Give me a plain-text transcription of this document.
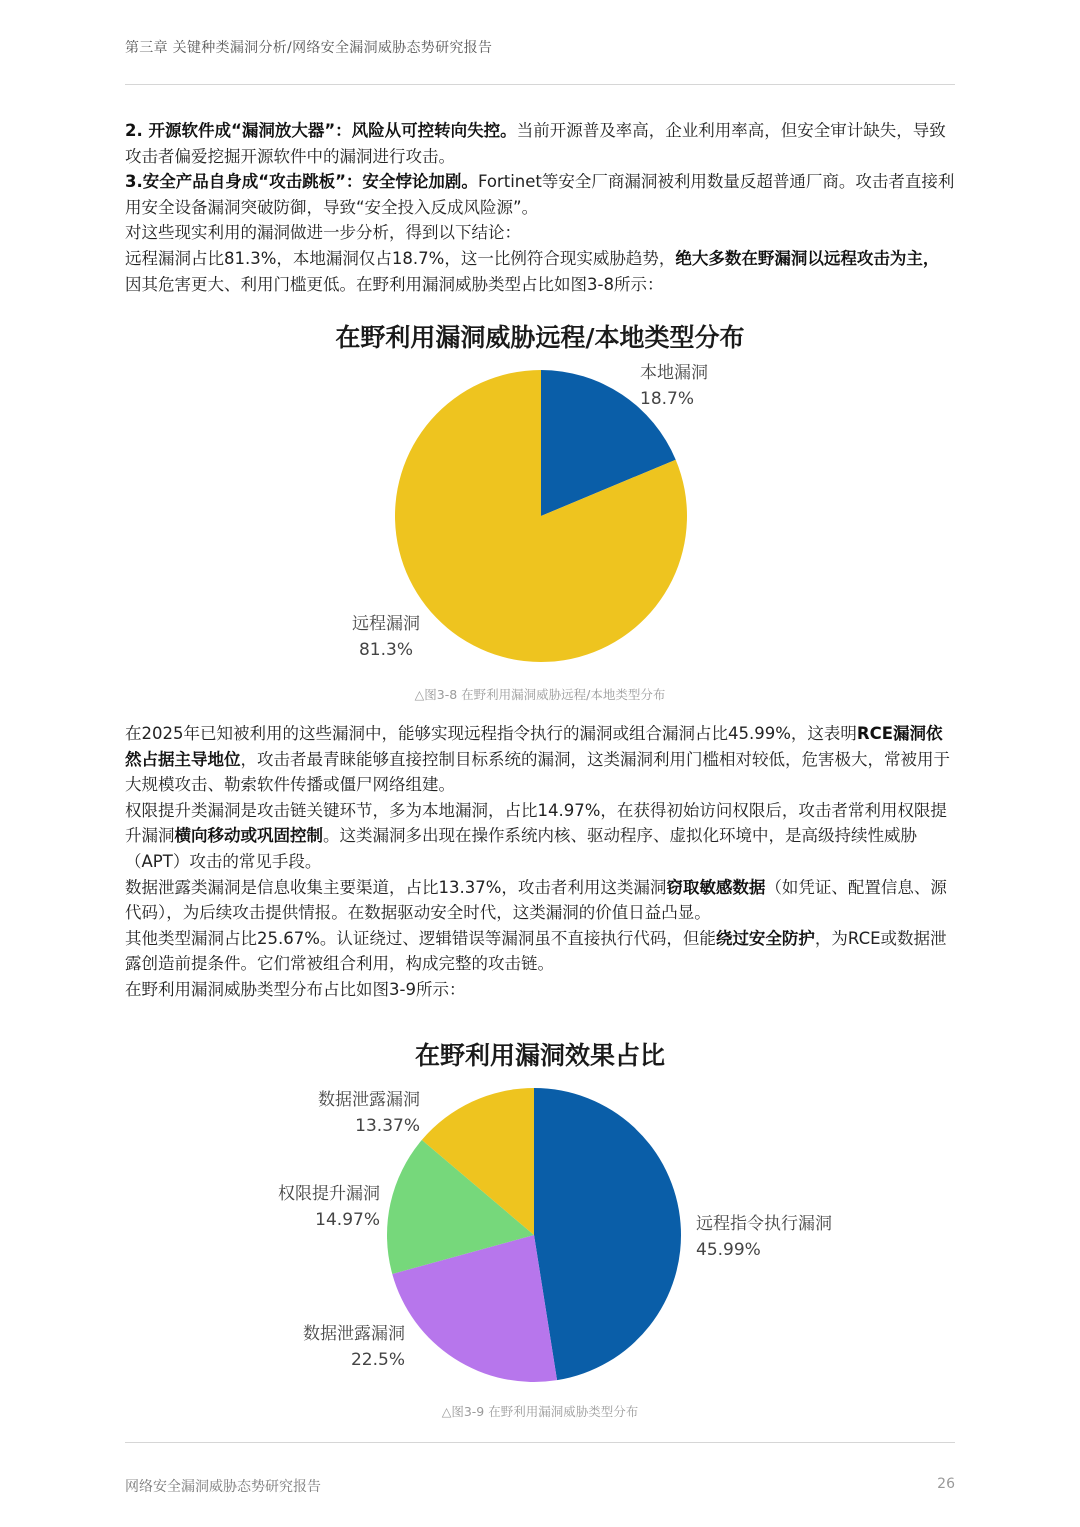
第三章 关键种类漏洞分析/网络安全漏洞威胁态势研究报告

2. 开源软件成“漏洞放大器”：风险从可控转向失控。当前开源普及率高，企业利用率高，但安全审计缺失，导致攻击者偏爱挖掘开源软件中的漏洞进行攻击。

3.安全产品自身成“攻击跳板”：安全悖论加剧。Fortinet等安全厂商漏洞被利用数量反超普通厂商。攻击者直接利用安全设备漏洞突破防御，导致“安全投入反成风险源”。

对这些现实利用的漏洞做进一步分析，得到以下结论：

远程漏洞占比81.3%，本地漏洞仅占18.7%，这一比例符合现实威胁趋势，绝大多数在野漏洞以远程攻击为主，因其危害更大、利用门槛更低。在野利用漏洞威胁类型占比如图3-8所示：

在野利用漏洞威胁远程/本地类型分布
本地漏洞
18.7%
远程漏洞
81.3%
△图3-8 在野利用漏洞威胁远程/本地类型分布

在2025年已知被利用的这些漏洞中，能够实现远程指令执行的漏洞或组合漏洞占比45.99%，这表明RCE漏洞依然占据主导地位，攻击者最青睐能够直接控制目标系统的漏洞，这类漏洞利用门槛相对较低，危害极大，常被用于大规模攻击、勒索软件传播或僵尸网络组建。

权限提升类漏洞是攻击链关键环节，多为本地漏洞，占比14.97%，在获得初始访问权限后，攻击者常利用权限提升漏洞横向移动或巩固控制。这类漏洞多出现在操作系统内核、驱动程序、虚拟化环境中，是高级持续性威胁（APT）攻击的常见手段。

数据泄露类漏洞是信息收集主要渠道，占比13.37%，攻击者利用这类漏洞窃取敏感数据（如凭证、配置信息、源代码），为后续攻击提供情报。在数据驱动安全时代，这类漏洞的价值日益凸显。

其他类型漏洞占比25.67%。认证绕过、逻辑错误等漏洞虽不直接执行代码，但能绕过安全防护，为RCE或数据泄露创造前提条件。它们常被组合利用，构成完整的攻击链。

在野利用漏洞威胁类型分布占比如图3-9所示：

在野利用漏洞效果占比
远程指令执行漏洞
45.99%
数据泄露漏洞
22.5%
权限提升漏洞
14.97%
数据泄露漏洞
13.37%
△图3-9 在野利用漏洞威胁类型分布
网络安全漏洞威胁态势研究报告	26
